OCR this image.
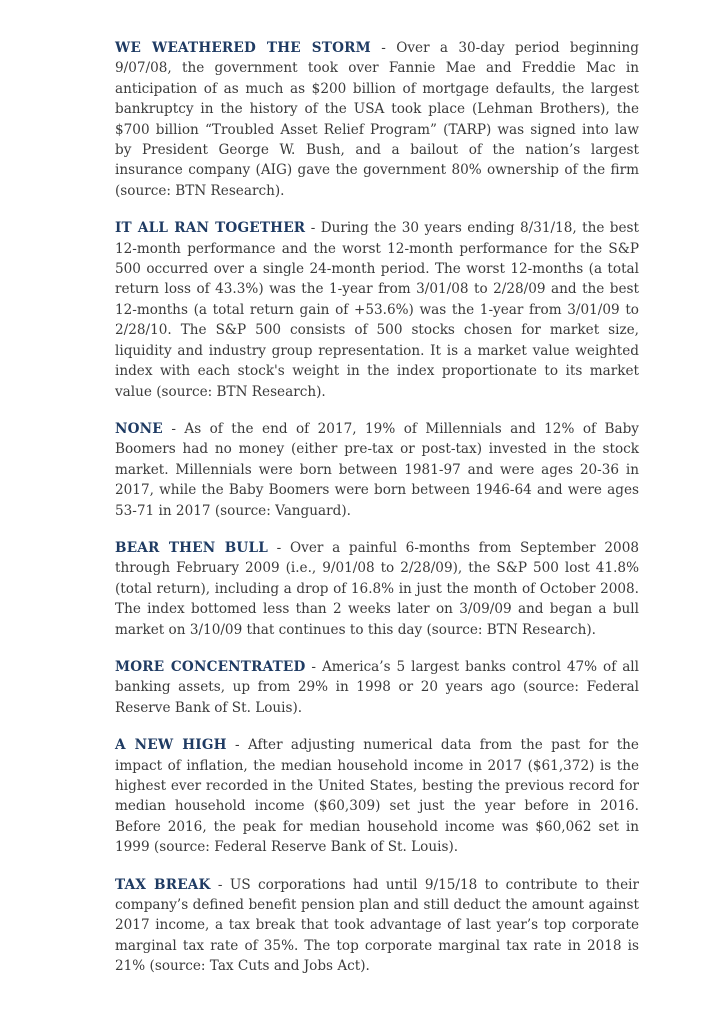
WE WEATHERED THE STORM - Over a 30-day period beginning 9/07/08, the government took over Fannie Mae and Freddie Mac in anticipation of as much as $200 billion of mortgage defaults, the largest bankruptcy in the history of the USA took place (Lehman Brothers), the $700 billion “Troubled Asset Relief Program” (TARP) was signed into law by President George W. Bush, and a bailout of the nation’s largest insurance company (AIG) gave the government 80% ownership of the firm (source: BTN Research).

IT ALL RAN TOGETHER - During the 30 years ending 8/31/18, the best 12-month performance and the worst 12-month performance for the S&P 500 occurred over a single 24-month period. The worst 12-months (a total return loss of 43.3%) was the 1-year from 3/01/08 to 2/28/09 and the best 12-months (a total return gain of +53.6%) was the 1-year from 3/01/09 to 2/28/10. The S&P 500 consists of 500 stocks chosen for market size, liquidity and industry group representation. It is a market value weighted index with each stock's weight in the index proportionate to its market value (source: BTN Research).

NONE - As of the end of 2017, 19% of Millennials and 12% of Baby Boomers had no money (either pre-tax or post-tax) invested in the stock market. Millennials were born between 1981-97 and were ages 20-36 in 2017, while the Baby Boomers were born between 1946-64 and were ages 53-71 in 2017 (source: Vanguard).

BEAR THEN BULL - Over a painful 6-months from September 2008 through February 2009 (i.e., 9/01/08 to 2/28/09), the S&P 500 lost 41.8% (total return), including a drop of 16.8% in just the month of October 2008. The index bottomed less than 2 weeks later on 3/09/09 and began a bull market on 3/10/09 that continues to this day (source: BTN Research).

MORE CONCENTRATED - America’s 5 largest banks control 47% of all banking assets, up from 29% in 1998 or 20 years ago (source: Federal Reserve Bank of St. Louis).

A NEW HIGH - After adjusting numerical data from the past for the impact of inflation, the median household income in 2017 ($61,372) is the highest ever recorded in the United States, besting the previous record for median household income ($60,309) set just the year before in 2016. Before 2016, the peak for median household income was $60,062 set in 1999 (source: Federal Reserve Bank of St. Louis).

TAX BREAK - US corporations had until 9/15/18 to contribute to their company’s defined benefit pension plan and still deduct the amount against 2017 income, a tax break that took advantage of last year’s top corporate marginal tax rate of 35%. The top corporate marginal tax rate in 2018 is 21% (source: Tax Cuts and Jobs Act).
